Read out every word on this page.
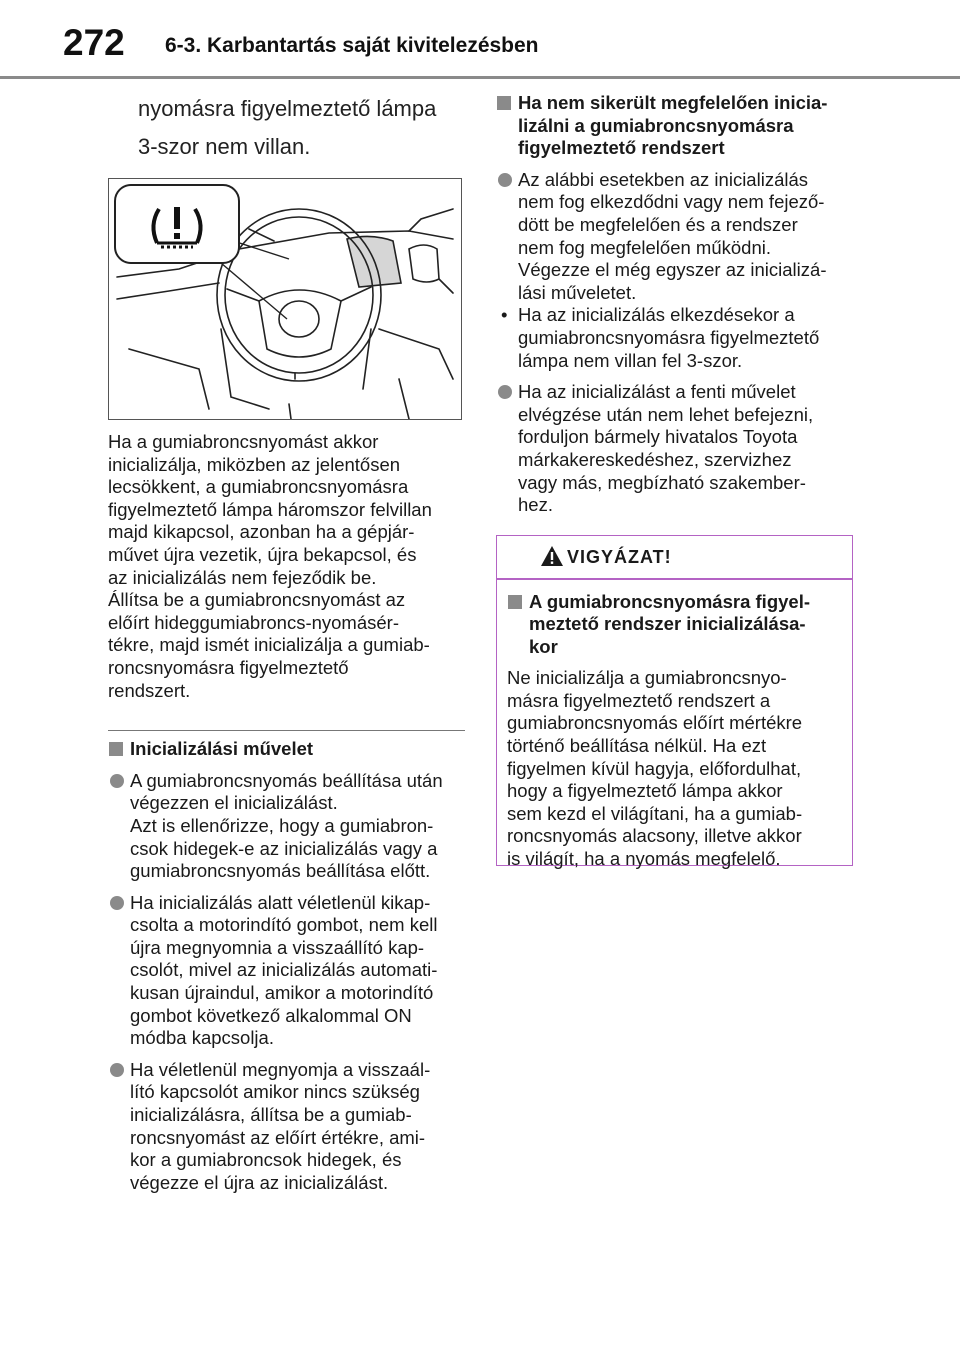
272 6-3. Karbantartás saját kivitelezésben
nyomásra figyelmeztető lámpa
3-szor nem villan.
Ha a gumiabroncsnyomást akkor
inicializálja, miközben az jelentősen
lecsökkent, a gumiabroncsnyomásra
figyelmeztető lámpa háromszor felvillan
majd kikapcsol, azonban ha a gépjár-
művet újra vezetik, újra bekapcsol, és
az inicializálás nem fejeződik be.
Állítsa be a gumiabroncsnyomást az
előírt hideggumiabroncs-nyomásér-
tékre, majd ismét inicializálja a gumiab-
roncsnyomásra figyelmeztető
rendszert.
Inicializálási művelet
A gumiabroncsnyomás beállítása után
végezzen el inicializálást.
Azt is ellenőrizze, hogy a gumiabron-
csok hidegek-e az inicializálás vagy a
gumiabroncsnyomás beállítása előtt.
Ha inicializálás alatt véletlenül kikap-
csolta a motorindító gombot, nem kell
újra megnyomnia a visszaállító kap-
csolót, mivel az inicializálás automati-
kusan újraindul, amikor a motorindító
gombot következő alkalommal ON
módba kapcsolja.
Ha véletlenül megnyomja a visszaál-
lító kapcsolót amikor nincs szükség
inicializálásra, állítsa be a gumiab-
roncsnyomást az előírt értékre, ami-
kor a gumiabroncsok hidegek, és
végezze el újra az inicializálást.
Ha nem sikerült megfelelően inicia-
lizálni a gumiabroncsnyomásra
figyelmeztető rendszert
Az alábbi esetekben az inicializálás
nem fog elkezdődni vagy nem fejező-
dött be megfelelően és a rendszer
nem fog megfelelően működni.
Végezze el még egyszer az inicializá-
lási műveletet.
• Ha az inicializálás elkezdésekor a
gumiabroncsnyomásra figyelmeztető
lámpa nem villan fel 3-szor.
Ha az inicializálást a fenti művelet
elvégzése után nem lehet befejezni,
forduljon bármely hivatalos Toyota
márkakereskedéshez, szervizhez
vagy más, megbízható szakember-
hez.
VIGYÁZAT!
A gumiabroncsnyomásra figyel-
meztető rendszer inicializálása-
kor
Ne inicializálja a gumiabroncsnyo-
másra figyelmeztető rendszert a
gumiabroncsnyomás előírt mértékre
történő beállítása nélkül. Ha ezt
figyelmen kívül hagyja, előfordulhat,
hogy a figyelmeztető lámpa akkor
sem kezd el világítani, ha a gumiab-
roncsnyomás alacsony, illetve akkor
is világít, ha a nyomás megfelelő.
